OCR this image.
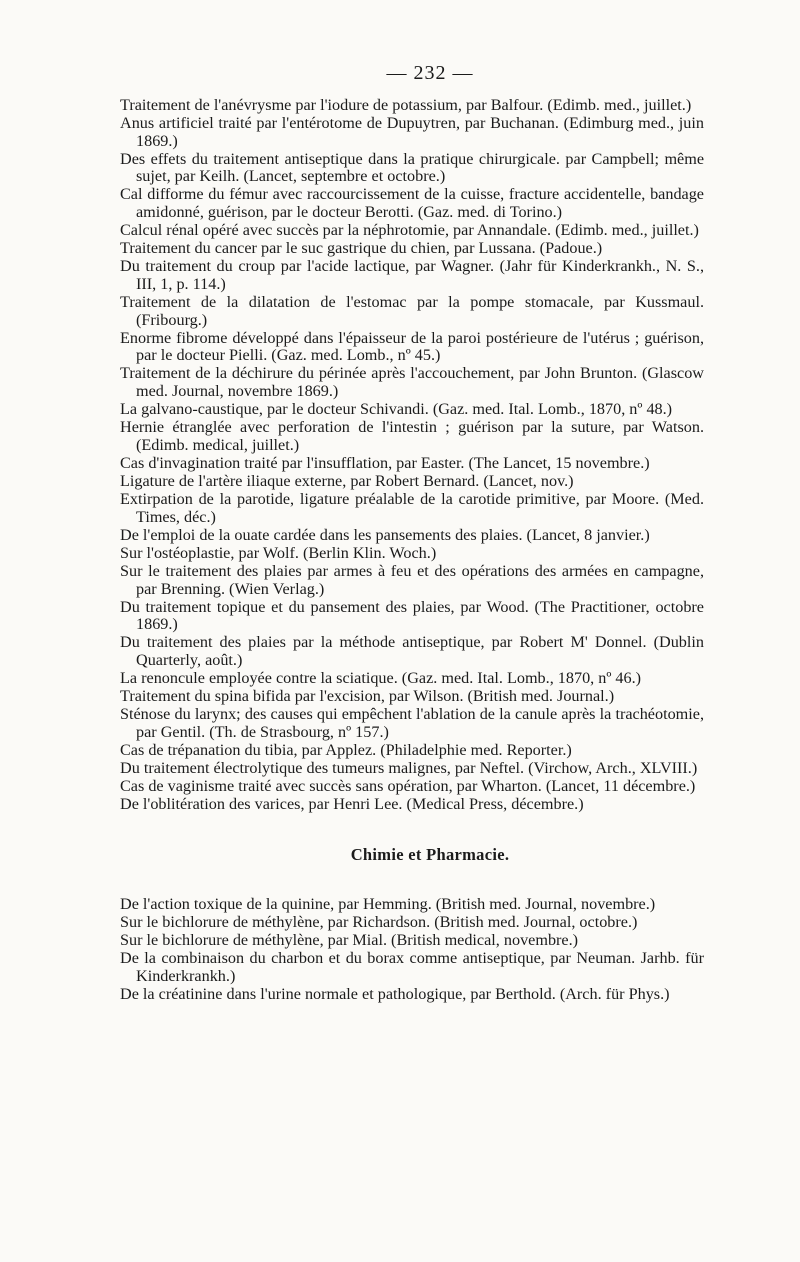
— 232 —
Traitement de l'anévrysme par l'iodure de potassium, par Balfour. (Edimb. med., juillet.)
Anus artificiel traité par l'entérotome de Dupuytren, par Buchanan. (Edimburg med., juin 1869.)
Des effets du traitement antiseptique dans la pratique chirurgicale. par Campbell; même sujet, par Keilh. (Lancet, septembre et octobre.)
Cal difforme du fémur avec raccourcissement de la cuisse, fracture accidentelle, bandage amidonné, guérison, par le docteur Berotti. (Gaz. med. di Torino.)
Calcul rénal opéré avec succès par la néphrotomie, par Annandale. (Edimb. med., juillet.)
Traitement du cancer par le suc gastrique du chien, par Lussana. (Padoue.)
Du traitement du croup par l'acide lactique, par Wagner. (Jahr für Kinderkrankh., N. S., III, 1, p. 114.)
Traitement de la dilatation de l'estomac par la pompe stomacale, par Kussmaul. (Fribourg.)
Enorme fibrome développé dans l'épaisseur de la paroi postérieure de l'utérus ; guérison, par le docteur Pielli. (Gaz. med. Lomb., nº 45.)
Traitement de la déchirure du périnée après l'accouchement, par John Brunton. (Glascow med. Journal, novembre 1869.)
La galvano-caustique, par le docteur Schivandi. (Gaz. med. Ital. Lomb., 1870, nº 48.)
Hernie étranglée avec perforation de l'intestin ; guérison par la suture, par Watson. (Edimb. medical, juillet.)
Cas d'invagination traité par l'insufflation, par Easter. (The Lancet, 15 novembre.)
Ligature de l'artère iliaque externe, par Robert Bernard. (Lancet, nov.)
Extirpation de la parotide, ligature préalable de la carotide primitive, par Moore. (Med. Times, déc.)
De l'emploi de la ouate cardée dans les pansements des plaies. (Lancet, 8 janvier.)
Sur l'ostéoplastie, par Wolf. (Berlin Klin. Woch.)
Sur le traitement des plaies par armes à feu et des opérations des armées en campagne, par Brenning. (Wien Verlag.)
Du traitement topique et du pansement des plaies, par Wood. (The Practitioner, octobre 1869.)
Du traitement des plaies par la méthode antiseptique, par Robert M' Donnel. (Dublin Quarterly, août.)
La renoncule employée contre la sciatique. (Gaz. med. Ital. Lomb., 1870, nº 46.)
Traitement du spina bifida par l'excision, par Wilson. (British med. Journal.)
Sténose du larynx; des causes qui empêchent l'ablation de la canule après la trachéotomie, par Gentil. (Th. de Strasbourg, nº 157.)
Cas de trépanation du tibia, par Applez. (Philadelphie med. Reporter.)
Du traitement électrolytique des tumeurs malignes, par Neftel. (Virchow, Arch., XLVIII.)
Cas de vaginisme traité avec succès sans opération, par Wharton. (Lancet, 11 décembre.)
De l'oblitération des varices, par Henri Lee. (Medical Press, décembre.)
Chimie et Pharmacie.
De l'action toxique de la quinine, par Hemming. (British med. Journal, novembre.)
Sur le bichlorure de méthylène, par Richardson. (British med. Journal, octobre.)
Sur le bichlorure de méthylène, par Mial. (British medical, novembre.)
De la combinaison du charbon et du borax comme antiseptique, par Neuman. Jarhb. für Kinderkrankh.)
De la créatinine dans l'urine normale et pathologique, par Berthold. (Arch. für Phys.)
